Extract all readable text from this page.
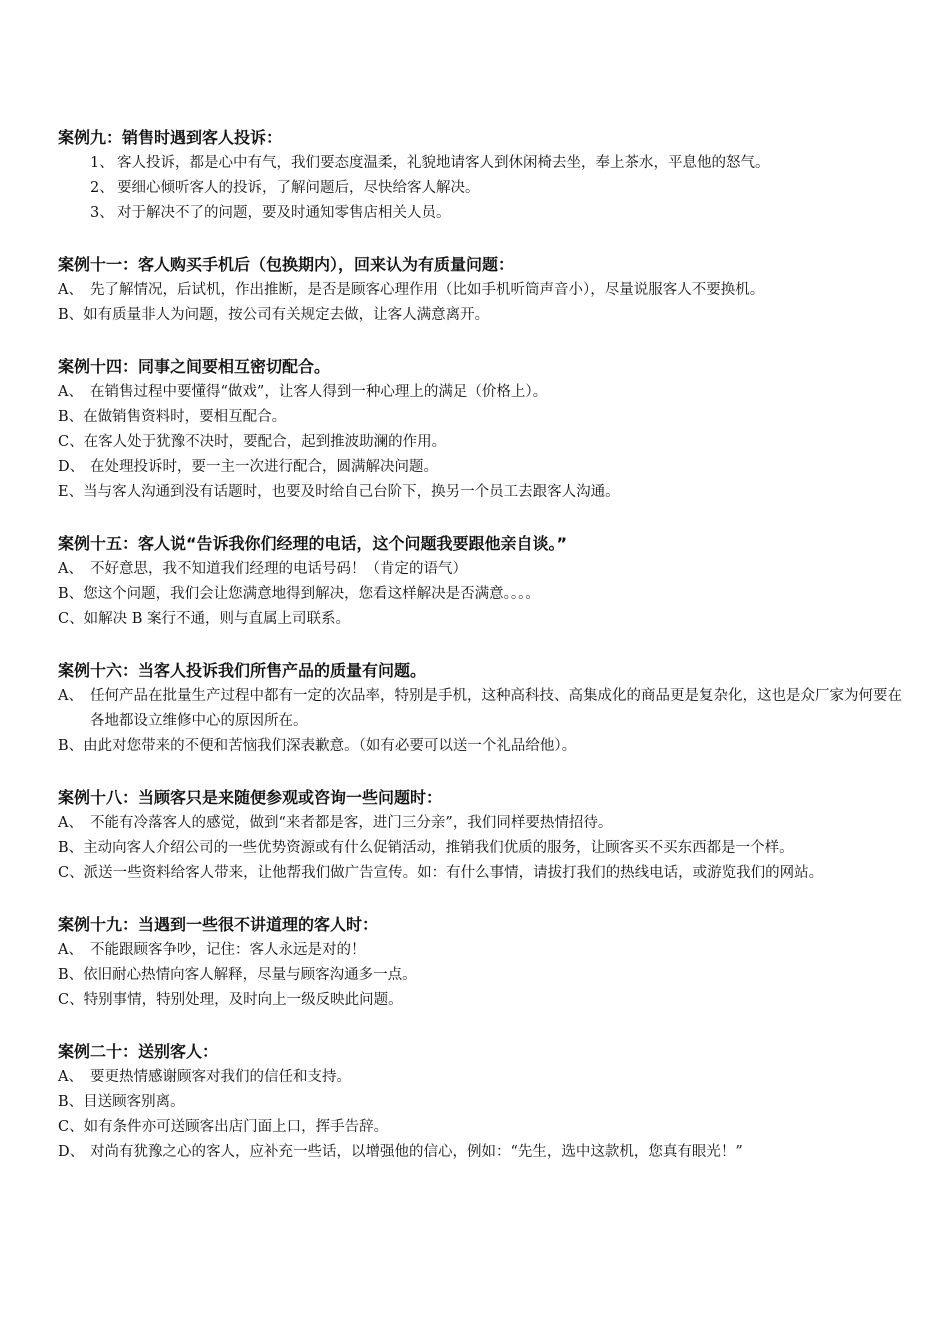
案例九：销售时遇到客人投诉：

1、 客人投诉，都是心中有气，我们要态度温柔，礼貌地请客人到休闲椅去坐，奉上茶水，平息他的怒气。
2、 要细心倾听客人的投诉，了解问题后，尽快给客人解决。
3、 对于解决不了的问题，要及时通知零售店相关人员。

案例十一：客人购买手机后（包换期内），回来认为有质量问题：

A、 先了解情况，后试机，作出推断，是否是顾客心理作用（比如手机听筒声音小），尽量说服客人不要换机。
B、 如有质量非人为问题，按公司有关规定去做，让客人满意离开。

案例十四：同事之间要相互密切配合。

A、 在销售过程中要懂得“做戏”，让客人得到一种心理上的满足（价格上）。
B、 在做销售资料时，要相互配合。
C、 在客人处于犹豫不决时，要配合，起到推波助澜的作用。
D、 在处理投诉时，要一主一次进行配合，圆满解决问题。
E、 当与客人沟通到没有话题时，也要及时给自己台阶下，换另一个员工去跟客人沟通。

案例十五：客人说“告诉我你们经理的电话，这个问题我要跟他亲自谈。”

A、 不好意思，我不知道我们经理的电话号码！（肯定的语气）
B、 您这个问题，我们会让您满意地得到解决，您看这样解决是否满意。。。。
C、 如解决 B 案行不通，则与直属上司联系。

案例十六：当客人投诉我们所售产品的质量有问题。

A、 任何产品在批量生产过程中都有一定的次品率，特别是手机，这种高科技、高集成化的商品更是复杂化，这也是众厂家为何要在各地都设立维修中心的原因所在。
B、 由此对您带来的不便和苦恼我们深表歉意。（如有必要可以送一个礼品给他）。

案例十八：当顾客只是来随便参观或咨询一些问题时：

A、 不能有冷落客人的感觉，做到“来者都是客，进门三分亲”，我们同样要热情招待。
B、 主动向客人介绍公司的一些优势资源或有什么促销活动，推销我们优质的服务，让顾客买不买东西都是一个样。
C、 派送一些资料给客人带来，让他帮我们做广告宣传。如：有什么事情，请拔打我们的热线电话，或游览我们的网站。

案例十九：当遇到一些很不讲道理的客人时：

A、 不能跟顾客争吵，记住：客人永远是对的！
B、 依旧耐心热情向客人解释，尽量与顾客沟通多一点。
C、 特别事情，特别处理，及时向上一级反映此问题。

案例二十：送别客人：

A、 要更热情感谢顾客对我们的信任和支持。
B、 目送顾客别离。
C、 如有条件亦可送顾客出店门面上口，挥手告辞。
D、 对尚有犹豫之心的客人，应补充一些话，以增强他的信心，例如：“先生，选中这款机，您真有眼光！”
